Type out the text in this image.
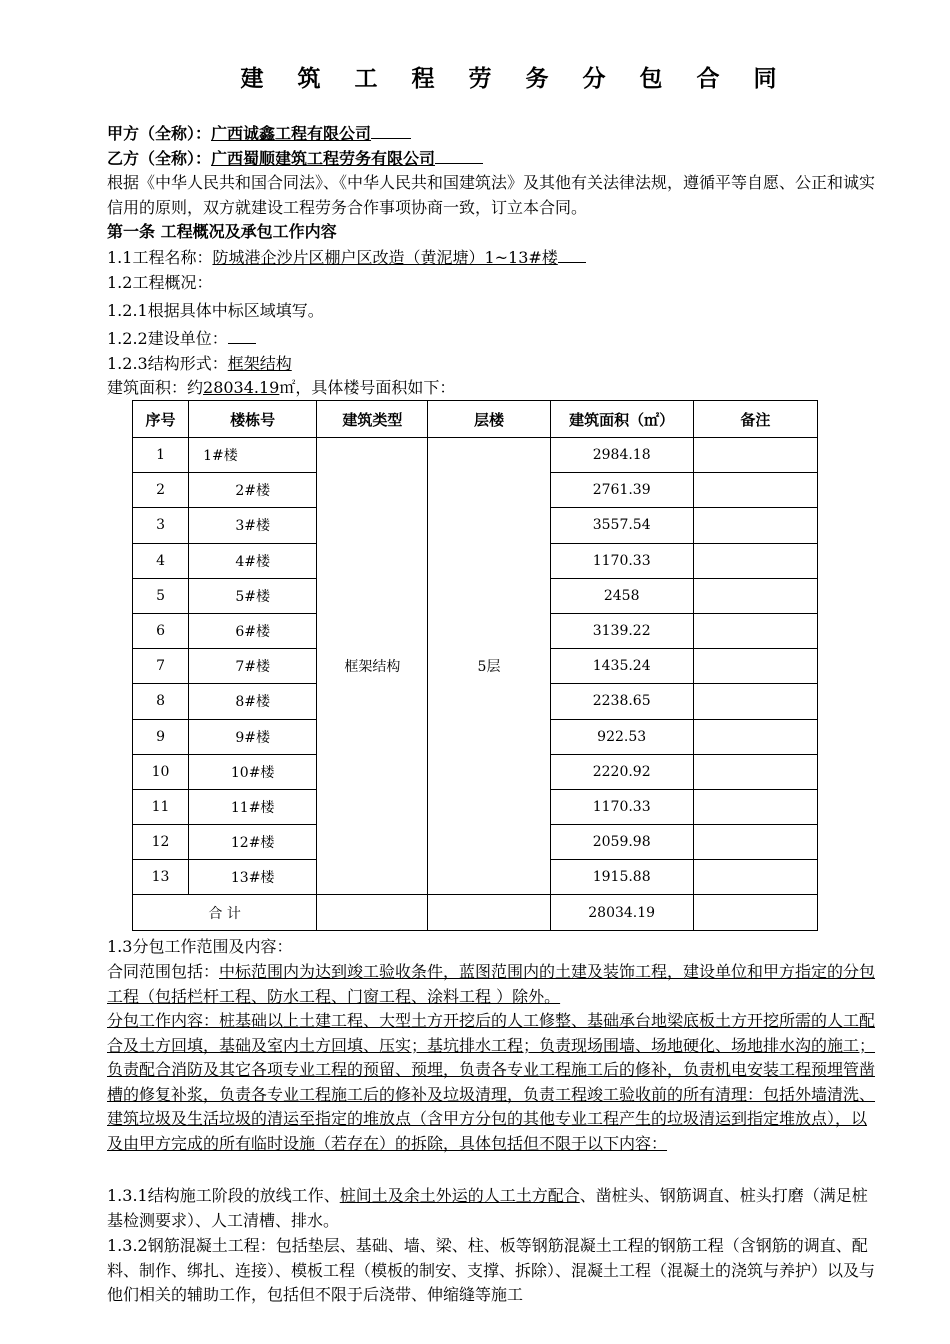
建 筑 工 程 劳 务 分 包 合 同
甲方（全称）：广西诚鑫工程有限公司
乙方（全称）：广西蜀顺建筑工程劳务有限公司
根据《中华人民共和国合同法》、《中华人民共和国建筑法》及其他有关法律法规，遵循平等自愿、公正和诚实信用的原则，双方就建设工程劳务合作事项协商一致，订立本合同。
第一条 工程概况及承包工作内容
1.1工程名称：防城港企沙片区棚户区改造（黄泥塘）1~13#楼
1.2工程概况：
1.2.1根据具体中标区域填写。
1.2.2建设单位：
1.2.3结构形式：框架结构
建筑面积：约28034.19㎡，具体楼号面积如下：
序号	楼栋号	建筑类型	层楼	建筑面积（㎡）	备注
1	1#楼	框架结构	5层	2984.18	
2	2#楼			2761.39	
3	3#楼			3557.54	
4	4#楼			1170.33	
5	5#楼			2458	
6	6#楼			3139.22	
7	7#楼			1435.24	
8	8#楼			2238.65	
9	9#楼			922.53	
10	10#楼			2220.92	
11	11#楼			1170.33	
12	12#楼			2059.98	
13	13#楼			1915.88	
合 计				28034.19	
1.3分包工作范围及内容：
合同范围包括：中标范围内为达到竣工验收条件，蓝图范围内的土建及装饰工程，建设单位和甲方指定的分包工程（包括栏杆工程、防水工程、门窗工程、涂料工程 ）除外。
分包工作内容：桩基础以上土建工程、大型土方开挖后的人工修整、基础承台地梁底板土方开挖所需的人工配合及土方回填，基础及室内土方回填、压实；基坑排水工程；负责现场围墙、场地硬化、场地排水沟的施工；负责配合消防及其它各项专业工程的预留、预埋，负责各专业工程施工后的修补，负责机电安装工程预埋管凿槽的修复补浆，负责各专业工程施工后的修补及垃圾清理，负责工程竣工验收前的所有清理：包括外墙清洗、建筑垃圾及生活垃圾的清运至指定的堆放点（含甲方分包的其他专业工程产生的垃圾清运到指定堆放点），以及由甲方完成的所有临时设施（若存在）的拆除，具体包括但不限于以下内容：
1.3.1结构施工阶段的放线工作、桩间土及余土外运的人工土方配合、凿桩头、钢筋调直、桩头打磨（满足桩基检测要求）、人工清槽、排水。
1.3.2钢筋混凝土工程：包括垫层、基础、墙、梁、柱、板等钢筋混凝土工程的钢筋工程（含钢筋的调直、配料、制作、绑扎、连接）、模板工程（模板的制安、支撑、拆除）、混凝土工程（混凝土的浇筑与养护）以及与他们相关的辅助工作，包括但不限于后浇带、伸缩缝等施工
